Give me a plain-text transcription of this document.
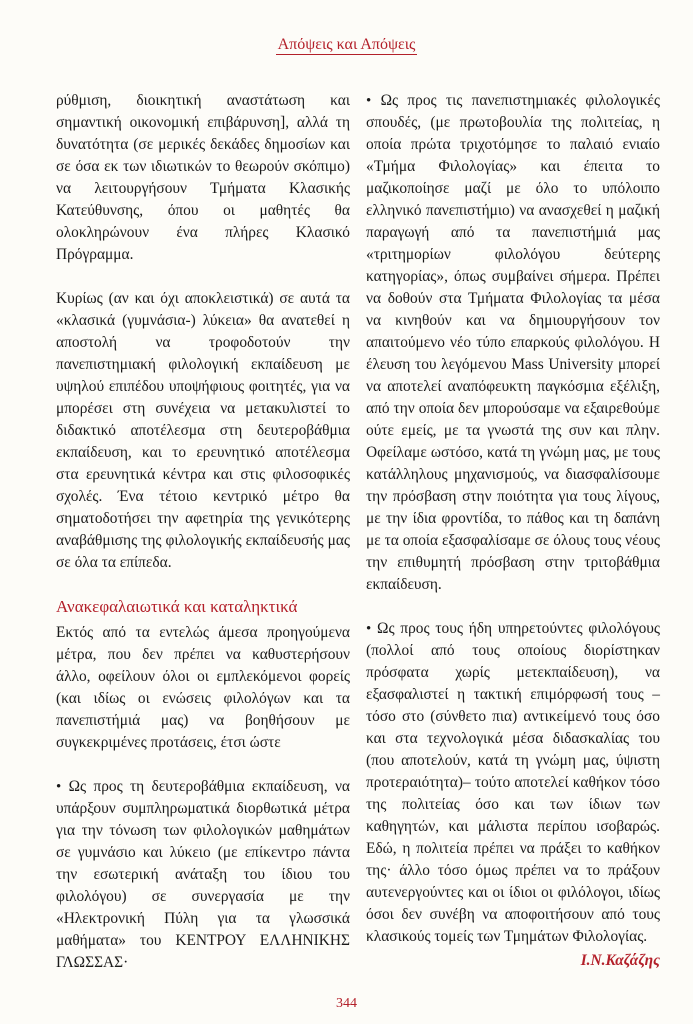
Απόψεις και Απόψεις

ρύθμιση, διοικητική αναστάτωση και σημαντική οικονομική επιβάρυνση], αλλά τη δυνατότητα (σε μερικές δεκάδες δημοσίων και σε όσα εκ των ιδιωτικών το θεωρούν σκόπιμο) να λειτουργήσουν Τμήματα Κλασικής Κατεύθυνσης, όπου οι μαθητές θα ολοκληρώνουν ένα πλήρες Κλασικό Πρόγραμμα.

Κυρίως (αν και όχι αποκλειστικά) σε αυτά τα «κλασικά (γυμνάσια-) λύκεια» θα ανατεθεί η αποστολή να τροφοδοτούν την πανεπιστημιακή φιλολογική εκπαίδευση με υψηλού επιπέδου υποψήφιους φοιτητές, για να μπορέσει στη συνέχεια να μετακυλιστεί το διδακτικό αποτέλεσμα στη δευτεροβάθμια εκπαίδευση, και το ερευνητικό αποτέλεσμα στα ερευνητικά κέντρα και στις φιλοσοφικές σχολές. Ένα τέτοιο κεντρικό μέτρο θα σηματοδοτήσει την αφετηρία της γενικότερης αναβάθμισης της φιλολογικής εκπαίδευσής μας σε όλα τα επίπεδα.

Ανακεφαλαιωτικά και καταληκτικά

Εκτός από τα εντελώς άμεσα προηγούμενα μέτρα, που δεν πρέπει να καθυστερήσουν άλλο, οφείλουν όλοι οι εμπλεκόμενοι φορείς (και ιδίως οι ενώσεις φιλολόγων και τα πανεπιστήμιά μας) να βοηθήσουν με συγκεκριμένες προτάσεις, έτσι ώστε

• Ως προς τη δευτεροβάθμια εκπαίδευση, να υπάρξουν συμπληρωματικά διορθωτικά μέτρα για την τόνωση των φιλολογικών μαθημάτων σε γυμνάσιο και λύκειο (με επίκεντρο πάντα την εσωτερική ανάταξη του ίδιου του φιλολόγου) σε συνεργασία με την «Ηλεκτρονική Πύλη για τα γλωσσικά μαθήματα» του ΚΕΝΤΡΟΥ ΕΛΛΗΝΙΚΗΣ ΓΛΩΣΣΑΣ·

• Ως προς τις πανεπιστημιακές φιλολογικές σπουδές, (με πρωτοβουλία της πολιτείας, η οποία πρώτα τριχοτόμησε το παλαιό ενιαίο «Τμήμα Φιλολογίας» και έπειτα το μαζικοποίησε μαζί με όλο το υπόλοιπο ελληνικό πανεπιστήμιο) να ανασχεθεί η μαζική παραγωγή από τα πανεπιστήμιά μας «τριτημορίων φιλολόγου δεύτερης κατηγορίας», όπως συμβαίνει σήμερα. Πρέπει να δοθούν στα Τμήματα Φιλολογίας τα μέσα να κινηθούν και να δημιουργήσουν τον απαιτούμενο νέο τύπο επαρκούς φιλολόγου. Η έλευση του λεγόμενου Mass University μπορεί να αποτελεί αναπόφευκτη παγκόσμια εξέλιξη, από την οποία δεν μπορούσαμε να εξαιρεθούμε ούτε εμείς, με τα γνωστά της συν και πλην. Οφείλαμε ωστόσο, κατά τη γνώμη μας, με τους κατάλληλους μηχανισμούς, να διασφαλίσουμε την πρόσβαση στην ποιότητα για τους λίγους, με την ίδια φροντίδα, το πάθος και τη δαπάνη με τα οποία εξασφαλίσαμε σε όλους τους νέους την επιθυμητή πρόσβαση στην τριτοβάθμια εκπαίδευση.

• Ως προς τους ήδη υπηρετούντες φιλολόγους (πολλοί από τους οποίους διορίστηκαν πρόσφατα χωρίς μετεκπαίδευση), να εξασφαλιστεί η τακτική επιμόρφωσή τους –τόσο στο (σύνθετο πια) αντικείμενό τους όσο και στα τεχνολογικά μέσα διδασκαλίας του (που αποτελούν, κατά τη γνώμη μας, ύψιστη προτεραιότητα)– τούτο αποτελεί καθήκον τόσο της πολιτείας όσο και των ίδιων των καθηγητών, και μάλιστα περίπου ισοβαρώς. Εδώ, η πολιτεία πρέπει να πράξει το καθήκον της· άλλο τόσο όμως πρέπει να το πράξουν αυτενεργούντες και οι ίδιοι οι φιλόλογοι, ιδίως όσοι δεν συνέβη να αποφοιτήσουν από τους κλασικούς τομείς των Τμημάτων Φιλολογίας.

Ι.Ν.Καζάζης
344
